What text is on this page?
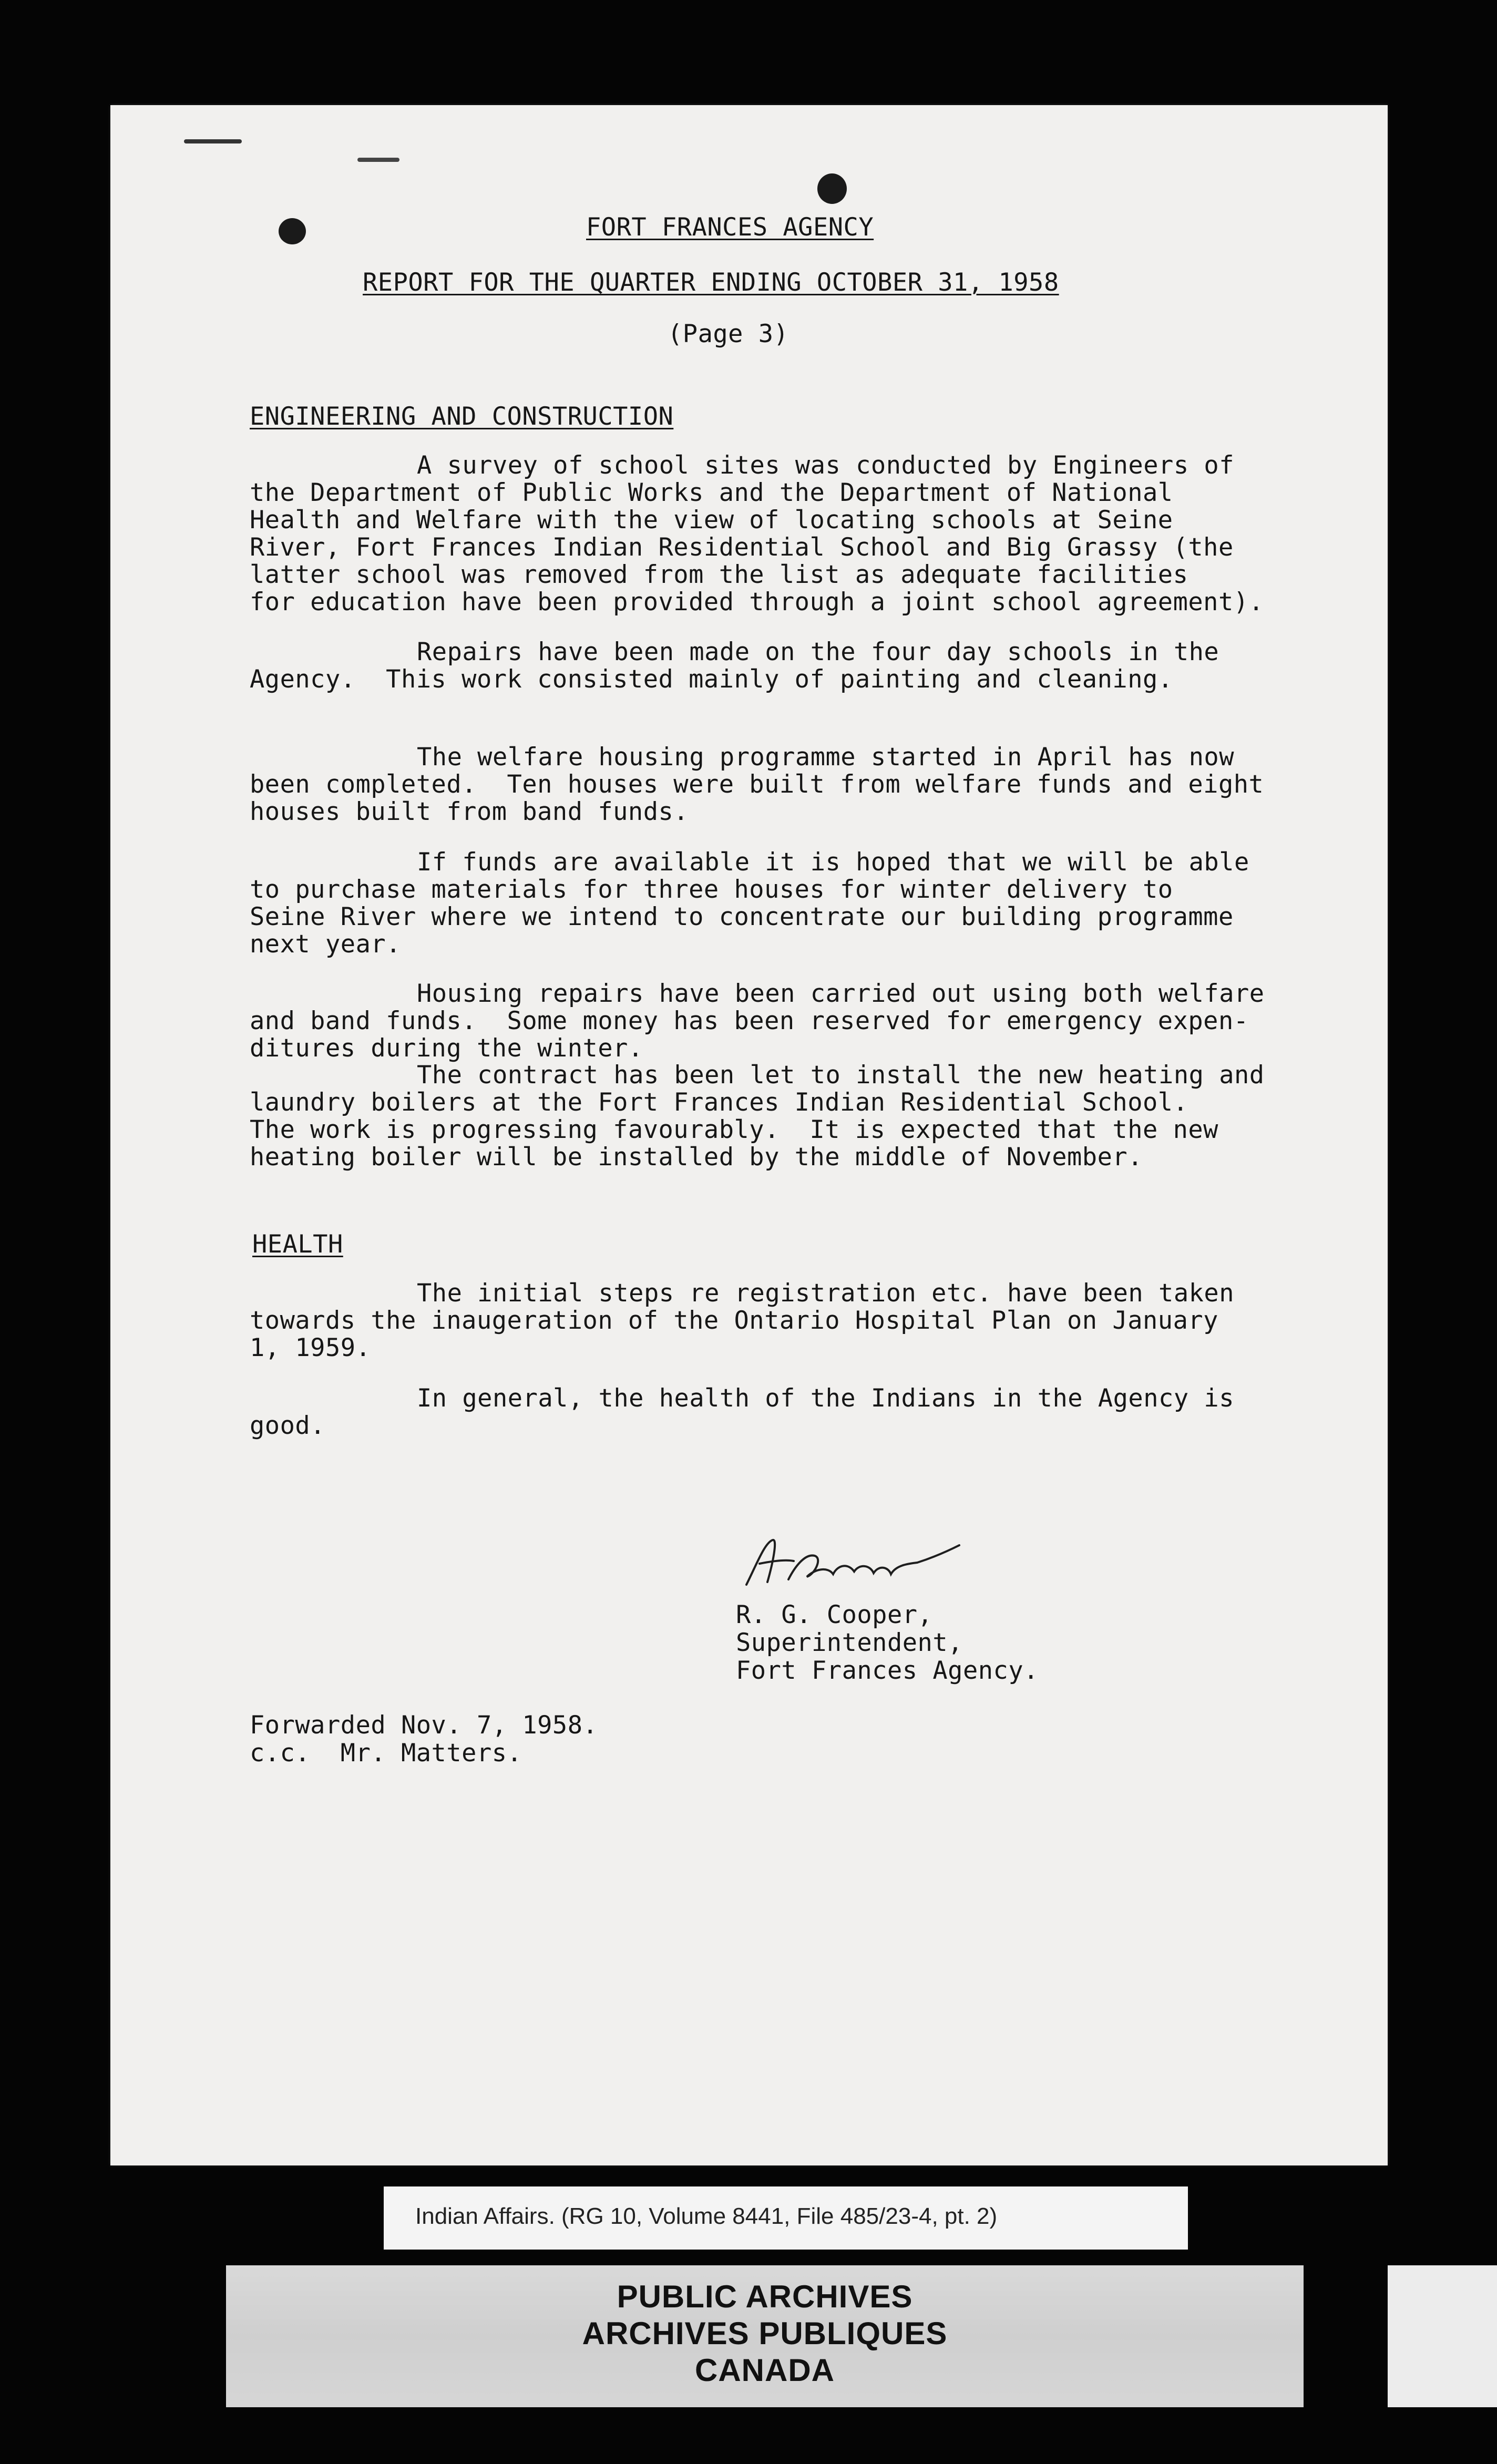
FORT FRANCES AGENCY
REPORT FOR THE QUARTER ENDING OCTOBER 31, 1958
(Page 3)
ENGINEERING AND CONSTRUCTION
A survey of school sites was conducted by Engineers of
the Department of Public Works and the Department of National
Health and Welfare with the view of locating schools at Seine
River, Fort Frances Indian Residential School and Big Grassy (the
latter school was removed from the list as adequate facilities
for education have been provided through a joint school agreement).
Repairs have been made on the four day schools in the
Agency.  This work consisted mainly of painting and cleaning.
The welfare housing programme started in April has now
been completed.  Ten houses were built from welfare funds and eight
houses built from band funds.
If funds are available it is hoped that we will be able
to purchase materials for three houses for winter delivery to
Seine River where we intend to concentrate our building programme
next year.
Housing repairs have been carried out using both welfare
and band funds.  Some money has been reserved for emergency expen-
ditures during the winter.
The contract has been let to install the new heating and
laundry boilers at the Fort Frances Indian Residential School.
The work is progressing favourably.  It is expected that the new
heating boiler will be installed by the middle of November.
HEALTH
The initial steps re registration etc. have been taken
towards the inaugeration of the Ontario Hospital Plan on January
1, 1959.
In general, the health of the Indians in the Agency is
good.
R. G. Cooper,
Superintendent,
Fort Frances Agency.
Forwarded Nov. 7, 1958.
c.c.  Mr. Matters.
Indian Affairs. (RG 10, Volume 8441, File 485/23-4, pt. 2)
PUBLIC ARCHIVES
ARCHIVES PUBLIQUES
CANADA
